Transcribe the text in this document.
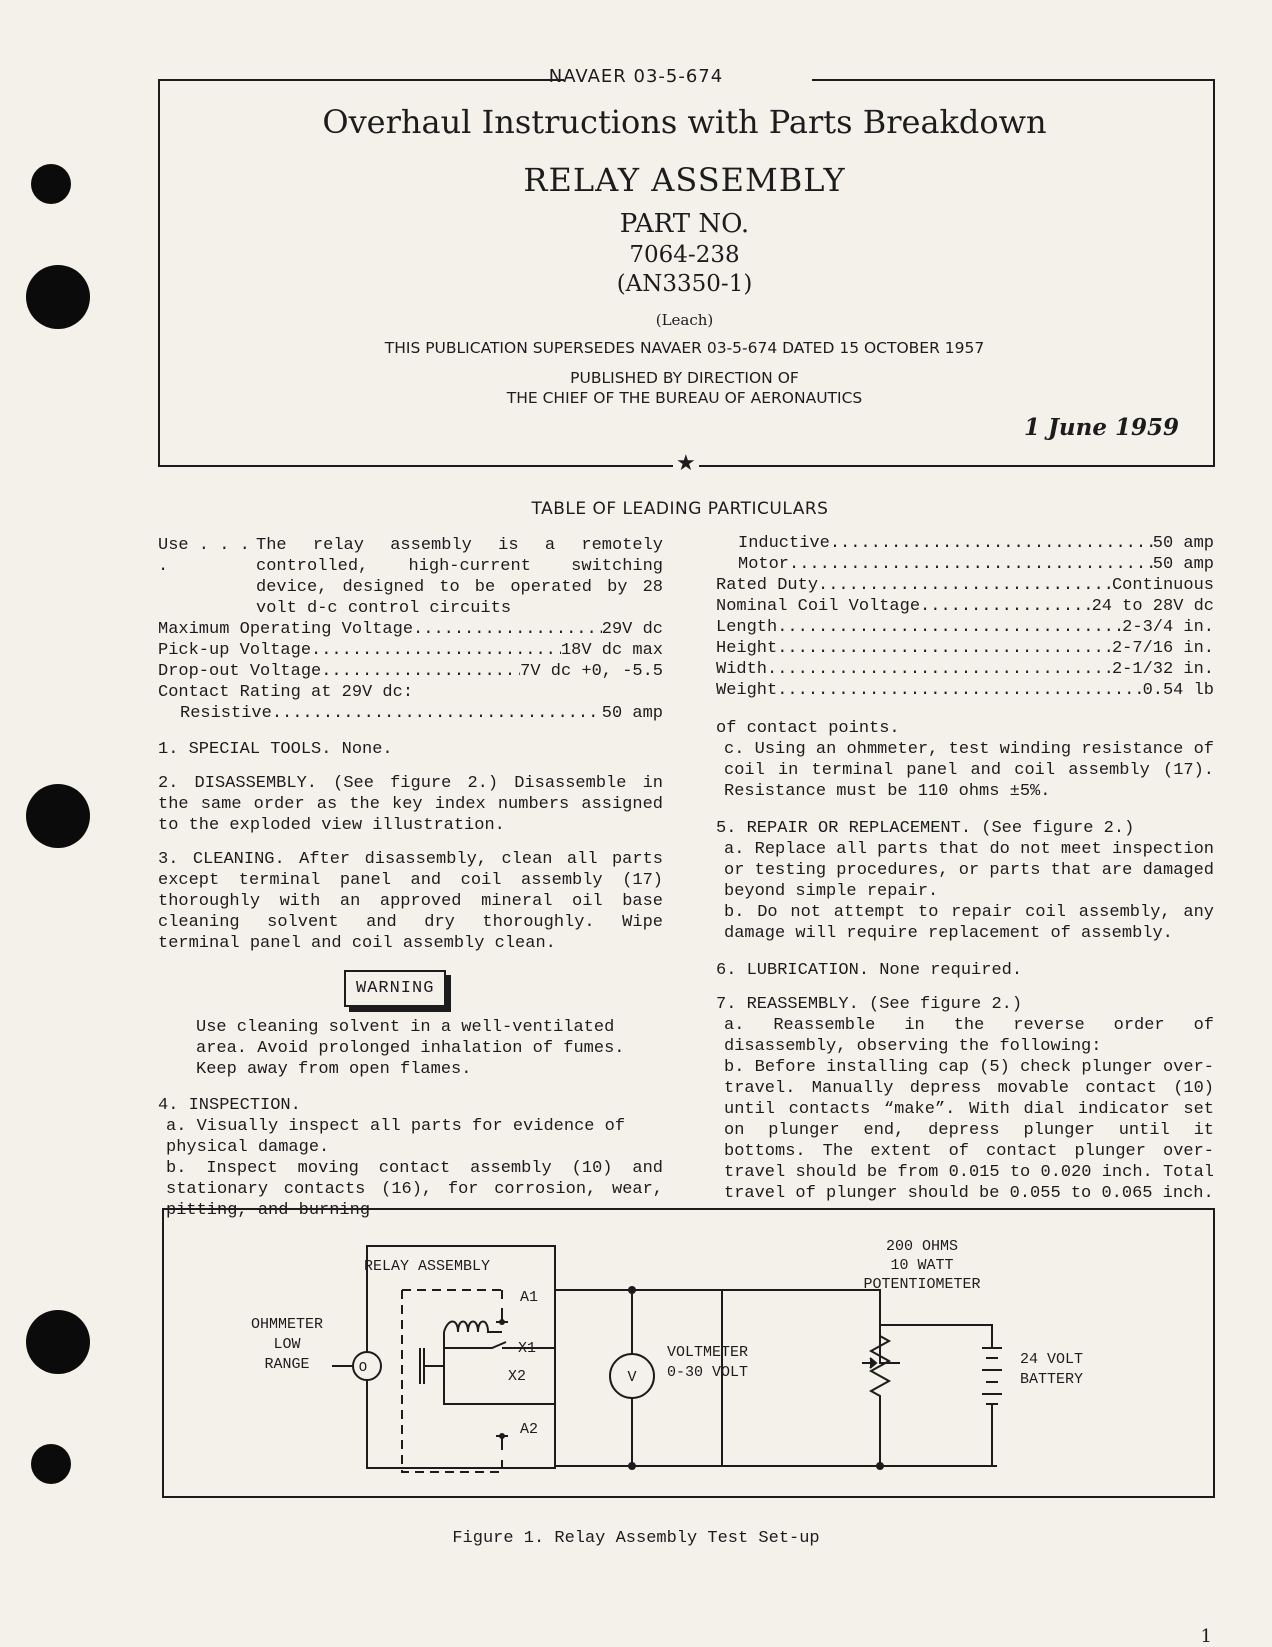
NAVAER 03-5-674
★
Overhaul Instructions with Parts Breakdown
RELAY ASSEMBLY
PART NO.
7064-238
(AN3350-1)
(Leach)
THIS PUBLICATION SUPERSEDES NAVAER 03-5-674 DATED 15 OCTOBER 1957
PUBLISHED BY DIRECTION OF
THE CHIEF OF THE BUREAU OF AERONAUTICS
1 June 1959
TABLE OF LEADING PARTICULARS
Use . . . .
The relay assembly is a remotely controlled, high-current switching device, designed to be operated by 28 volt d-c control circuits
Maximum Operating Voltage .....	29V dc
Pick-up Voltage .....	18V dc max
Drop-out Voltage .....	7V dc +0, -5.5
Contact Rating at 29V dc:
Resistive .....	50 amp

1. SPECIAL TOOLS. None.

2. DISASSEMBLY. (See figure 2.) Disassemble in the same order as the key index numbers assigned to the exploded view illustration.

3. CLEANING. After disassembly, clean all parts except terminal panel and coil assembly (17) thoroughly with an approved mineral oil base cleaning solvent and dry thoroughly. Wipe terminal panel and coil assembly clean.

WARNING

Use cleaning solvent in a well-ventilated area. Avoid prolonged inhalation of fumes. Keep away from open flames.

4. INSPECTION.

a. Visually inspect all parts for evidence of physical damage.

b. Inspect moving contact assembly (10) and stationary contacts (16), for corrosion, wear, pitting, and burning

Inductive .....	50 amp
Motor .....	50 amp
Rated Duty .....	Continuous
Nominal Coil Voltage .....	24 to 28V dc
Length .....	2-3/4 in.
Height .....	2-7/16 in.
Width .....	2-1/32 in.
Weight .....	0.54 lb

of contact points.

c. Using an ohmmeter, test winding resistance of coil in terminal panel and coil assembly (17). Resistance must be 110 ohms ±5%.

5. REPAIR OR REPLACEMENT. (See figure 2.)

a. Replace all parts that do not meet inspection or testing procedures, or parts that are damaged beyond simple repair.

b. Do not attempt to repair coil assembly, any damage will require replacement of assembly.

6. LUBRICATION. None required.

7. REASSEMBLY. (See figure 2.)

a. Reassemble in the reverse order of disassembly, observing the following:

b. Before installing cap (5) check plunger over-travel. Manually depress movable contact (10) until contacts “make”. With dial indicator set on plunger end, depress plunger until it bottoms. The extent of contact plunger over-travel should be from 0.015 to 0.020 inch. Total travel of plunger should be 0.055 to 0.065 inch.

RELAY ASSEMBLY
A1
X1
X2
A2
O
OHMMETER
LOW
RANGE
V
VOLTMETER
0-30 VOLT
200 OHMS
10 WATT
POTENTIOMETER
24 VOLT
BATTERY
Figure 1. Relay Assembly Test Set-up
1
